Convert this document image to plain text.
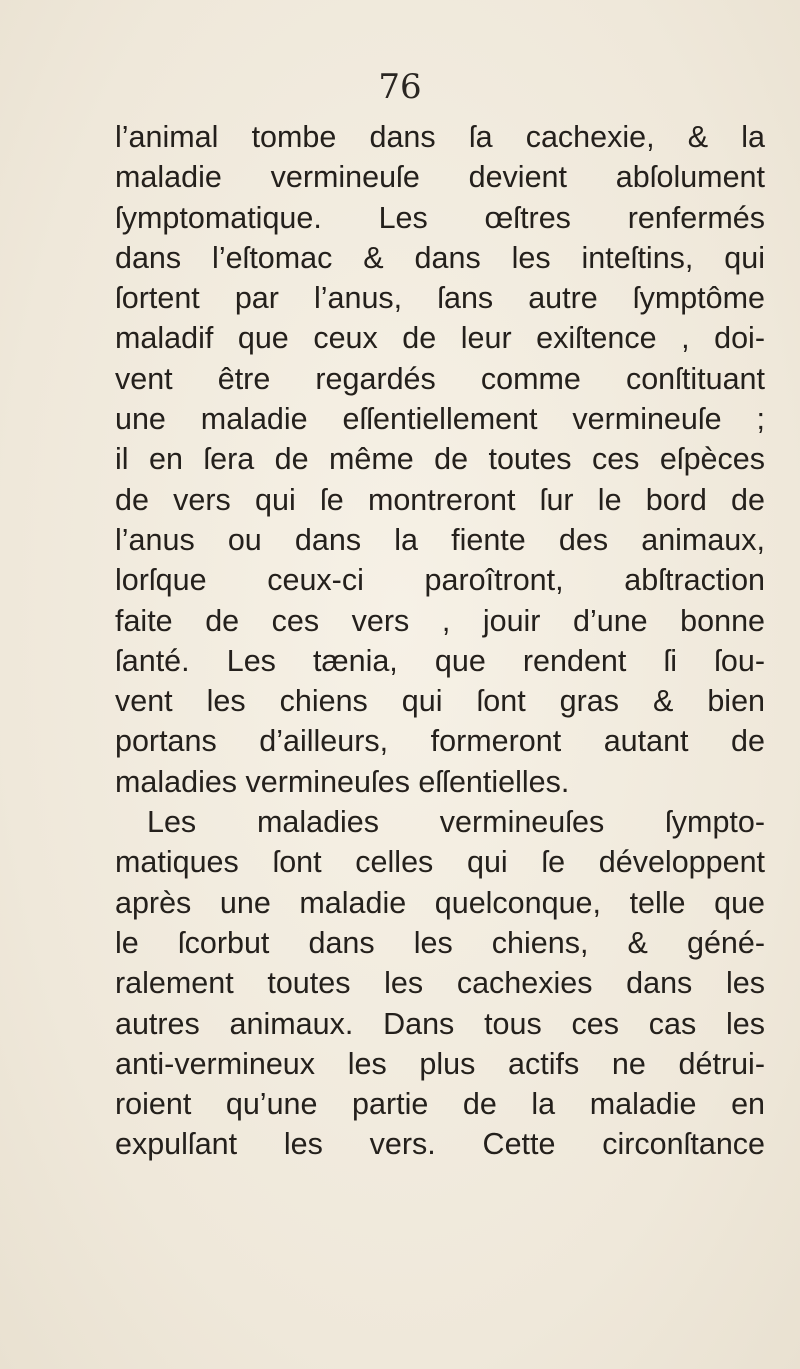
76
l’animal tombe dans ſa cachexie, & la
maladie vermineuſe devient abſolument
ſymptomatique. Les œſtres renfermés
dans l’eſtomac & dans les inteſtins, qui
ſortent par l’anus, ſans autre ſymptôme
maladif que ceux de leur exiſtence , doi-
vent être regardés comme conſtituant
une maladie eſſentiellement vermineuſe ;
il en ſera de même de toutes ces eſpèces
de vers qui ſe montreront ſur le bord de
l’anus ou dans la fiente des animaux,
lorſque ceux-ci paroîtront, abſtraction
faite de ces vers , jouir d’une bonne
ſanté. Les tænia, que rendent ſi ſou-
vent les chiens qui ſont gras & bien
portans d’ailleurs, formeront autant de
maladies vermineuſes eſſentielles.
Les maladies vermineuſes ſympto-
matiques ſont celles qui ſe développent
après une maladie quelconque, telle que
le ſcorbut dans les chiens, & géné-
ralement toutes les cachexies dans les
autres animaux. Dans tous ces cas les
anti-vermineux les plus actifs ne détrui-
roient qu’une partie de la maladie en
expulſant les vers. Cette circonſtance
